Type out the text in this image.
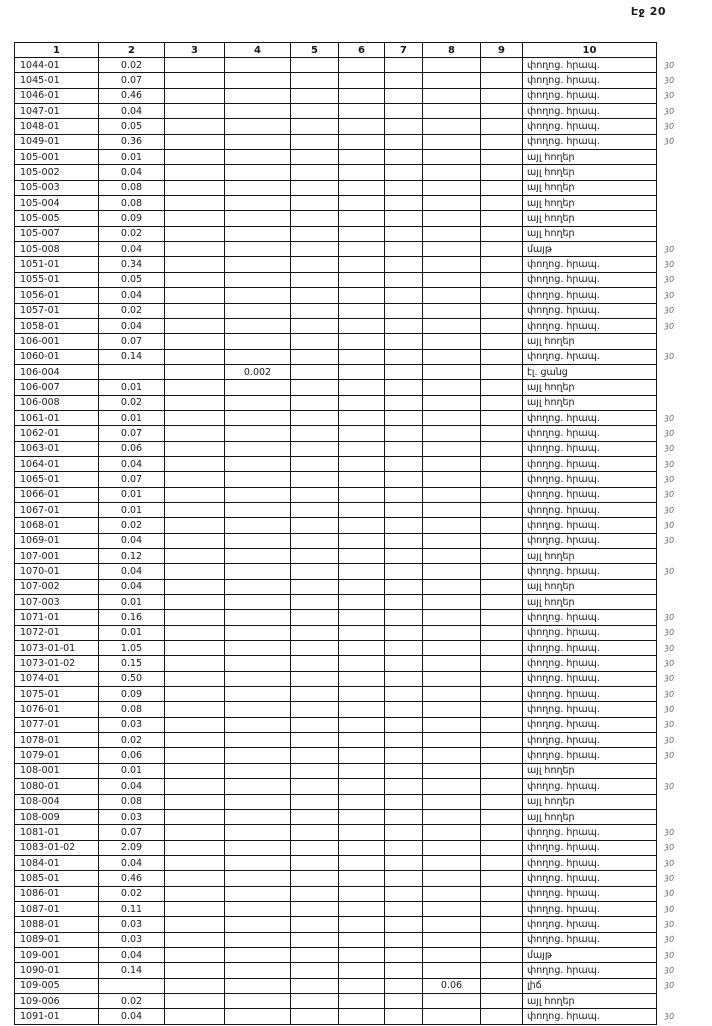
Էջ 20
1	2	3	4	5	6	7	8	9	10	
1044-01	0.02								փողոց. հրապ.	30
1045-01	0.07								փողոց. հրապ.	30
1046-01	0.46								փողոց. հրապ.	30
1047-01	0.04								փողոց. հրապ.	30
1048-01	0.05								փողոց. հրապ.	30
1049-01	0.36								փողոց. հրապ.	30
105-001	0.01								այլ հողեր	
105-002	0.04								այլ հողեր	
105-003	0.08								այլ հողեր	
105-004	0.08								այլ հողեր	
105-005	0.09								այլ հողեր	
105-007	0.02								այլ հողեր	
105-008	0.04								մայթ	30
1051-01	0.34								փողոց. հրապ.	30
1055-01	0.05								փողոց. հրապ.	30
1056-01	0.04								փողոց. հրապ.	30
1057-01	0.02								փողոց. հրապ.	30
1058-01	0.04								փողոց. հրապ.	30
106-001	0.07								այլ հողեր	
1060-01	0.14								փողոց. հրապ.	30
106-004			0.002						էլ. ցանց	
106-007	0.01								այլ հողեր	
106-008	0.02								այլ հողեր	
1061-01	0.01								փողոց. հրապ.	30
1062-01	0.07								փողոց. հրապ.	30
1063-01	0.06								փողոց. հրապ.	30
1064-01	0.04								փողոց. հրապ.	30
1065-01	0.07								փողոց. հրապ.	30
1066-01	0.01								փողոց. հրապ.	30
1067-01	0.01								փողոց. հրապ.	30
1068-01	0.02								փողոց. հրապ.	30
1069-01	0.04								փողոց. հրապ.	30
107-001	0.12								այլ հողեր	
1070-01	0.04								փողոց. հրապ.	30
107-002	0.04								այլ հողեր	
107-003	0.01								այլ հողեր	
1071-01	0.16								փողոց. հրապ.	30
1072-01	0.01								փողոց. հրապ.	30
1073-01-01	1.05								փողոց. հրապ.	30
1073-01-02	0.15								փողոց. հրապ.	30
1074-01	0.50								փողոց. հրապ.	30
1075-01	0.09								փողոց. հրապ.	30
1076-01	0.08								փողոց. հրապ.	30
1077-01	0.03								փողոց. հրապ.	30
1078-01	0.02								փողոց. հրապ.	30
1079-01	0.06								փողոց. հրապ.	30
108-001	0.01								այլ հողեր	
1080-01	0.04								փողոց. հրապ.	30
108-004	0.08								այլ հողեր	
108-009	0.03								այլ հողեր	
1081-01	0.07								փողոց. հրապ.	30
1083-01-02	2.09								փողոց. հրապ.	30
1084-01	0.04								փողոց. հրապ.	30
1085-01	0.46								փողոց. հրապ.	30
1086-01	0.02								փողոց. հրապ.	30
1087-01	0.11								փողոց. հրապ.	30
1088-01	0.03								փողոց. հրապ.	30
1089-01	0.03								փողոց. հրապ.	30
109-001	0.04								մայթ	30
1090-01	0.14								փողոց. հրապ.	30
109-005							0.06		լիճ	30
109-006	0.02								այլ հողեր	
1091-01	0.04								փողոց. հրապ.	30
